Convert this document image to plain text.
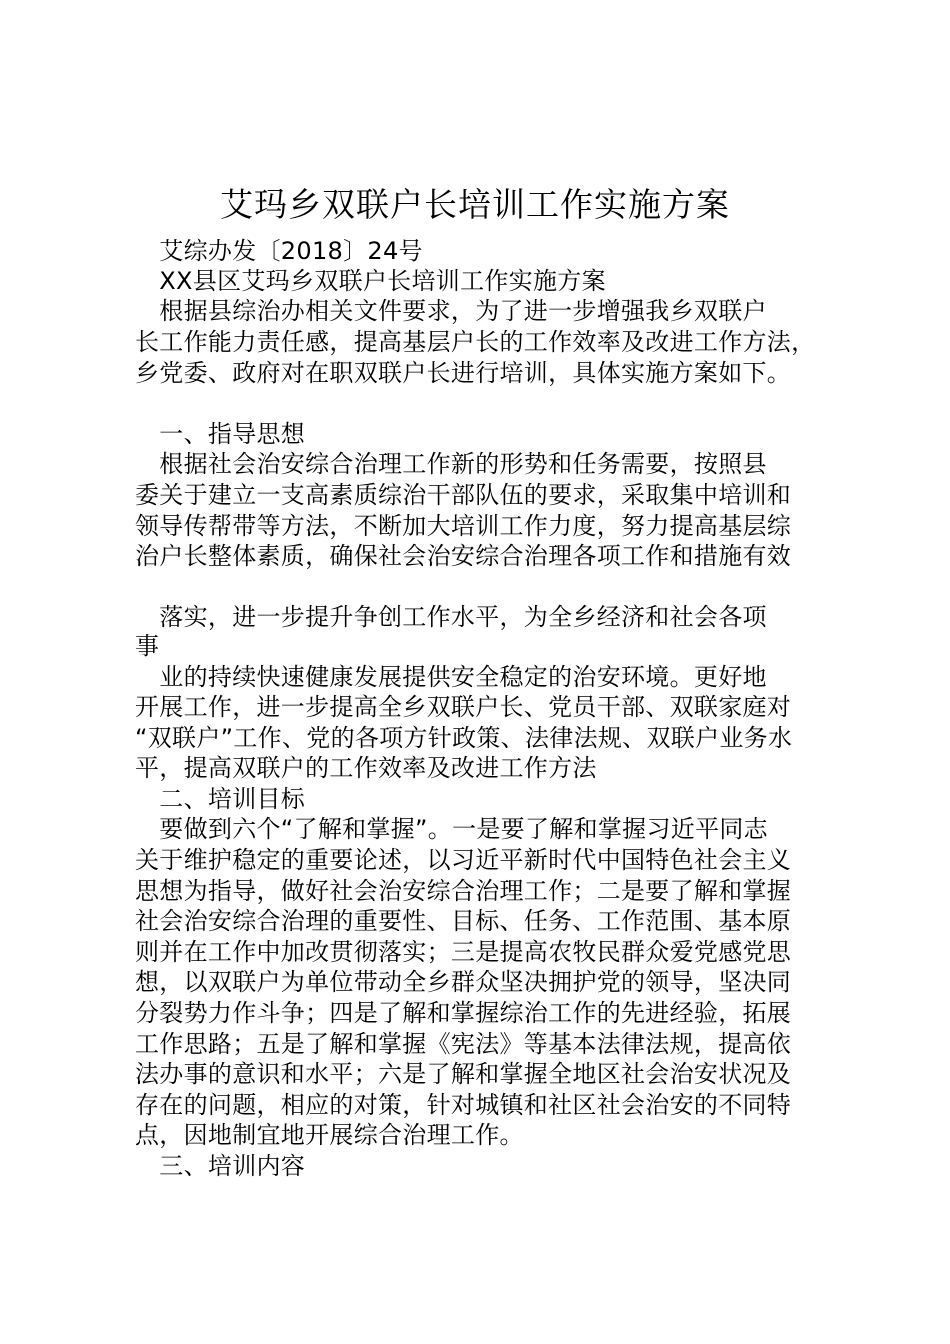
艾玛乡双联户长培训工作实施方案
　艾综办发〔2018〕24号
　XX县区艾玛乡双联户长培训工作实施方案
　根据县综治办相关文件要求，为了进一步增强我乡双联户
长工作能力责任感，提高基层户长的工作效率及改进工作方法，
乡党委、政府对在职双联户长进行培训，具体实施方案如下。
　一、指导思想
　根据社会治安综合治理工作新的形势和任务需要，按照县
委关于建立一支高素质综治干部队伍的要求，采取集中培训和
领导传帮带等方法，不断加大培训工作力度，努力提高基层综
治户长整体素质，确保社会治安综合治理各项工作和措施有效
　落实，进一步提升争创工作水平，为全乡经济和社会各项
事
　业的持续快速健康发展提供安全稳定的治安环境。更好地
开展工作，进一步提高全乡双联户长、党员干部、双联家庭对
“双联户”工作、党的各项方针政策、法律法规、双联户业务水
平，提高双联户的工作效率及改进工作方法
　二、培训目标
　要做到六个“了解和掌握”。一是要了解和掌握习近平同志
关于维护稳定的重要论述，以习近平新时代中国特色社会主义
思想为指导，做好社会治安综合治理工作；二是要了解和掌握
社会治安综合治理的重要性、目标、任务、工作范围、基本原
则并在工作中加改贯彻落实；三是提高农牧民群众爱党感党思
想，以双联户为单位带动全乡群众坚决拥护党的领导，坚决同
分裂势力作斗争；四是了解和掌握综治工作的先进经验，拓展
工作思路；五是了解和掌握《宪法》等基本法律法规，提高依
法办事的意识和水平；六是了解和掌握全地区社会治安状况及
存在的问题，相应的对策，针对城镇和社区社会治安的不同特
点，因地制宜地开展综合治理工作。
　三、培训内容
